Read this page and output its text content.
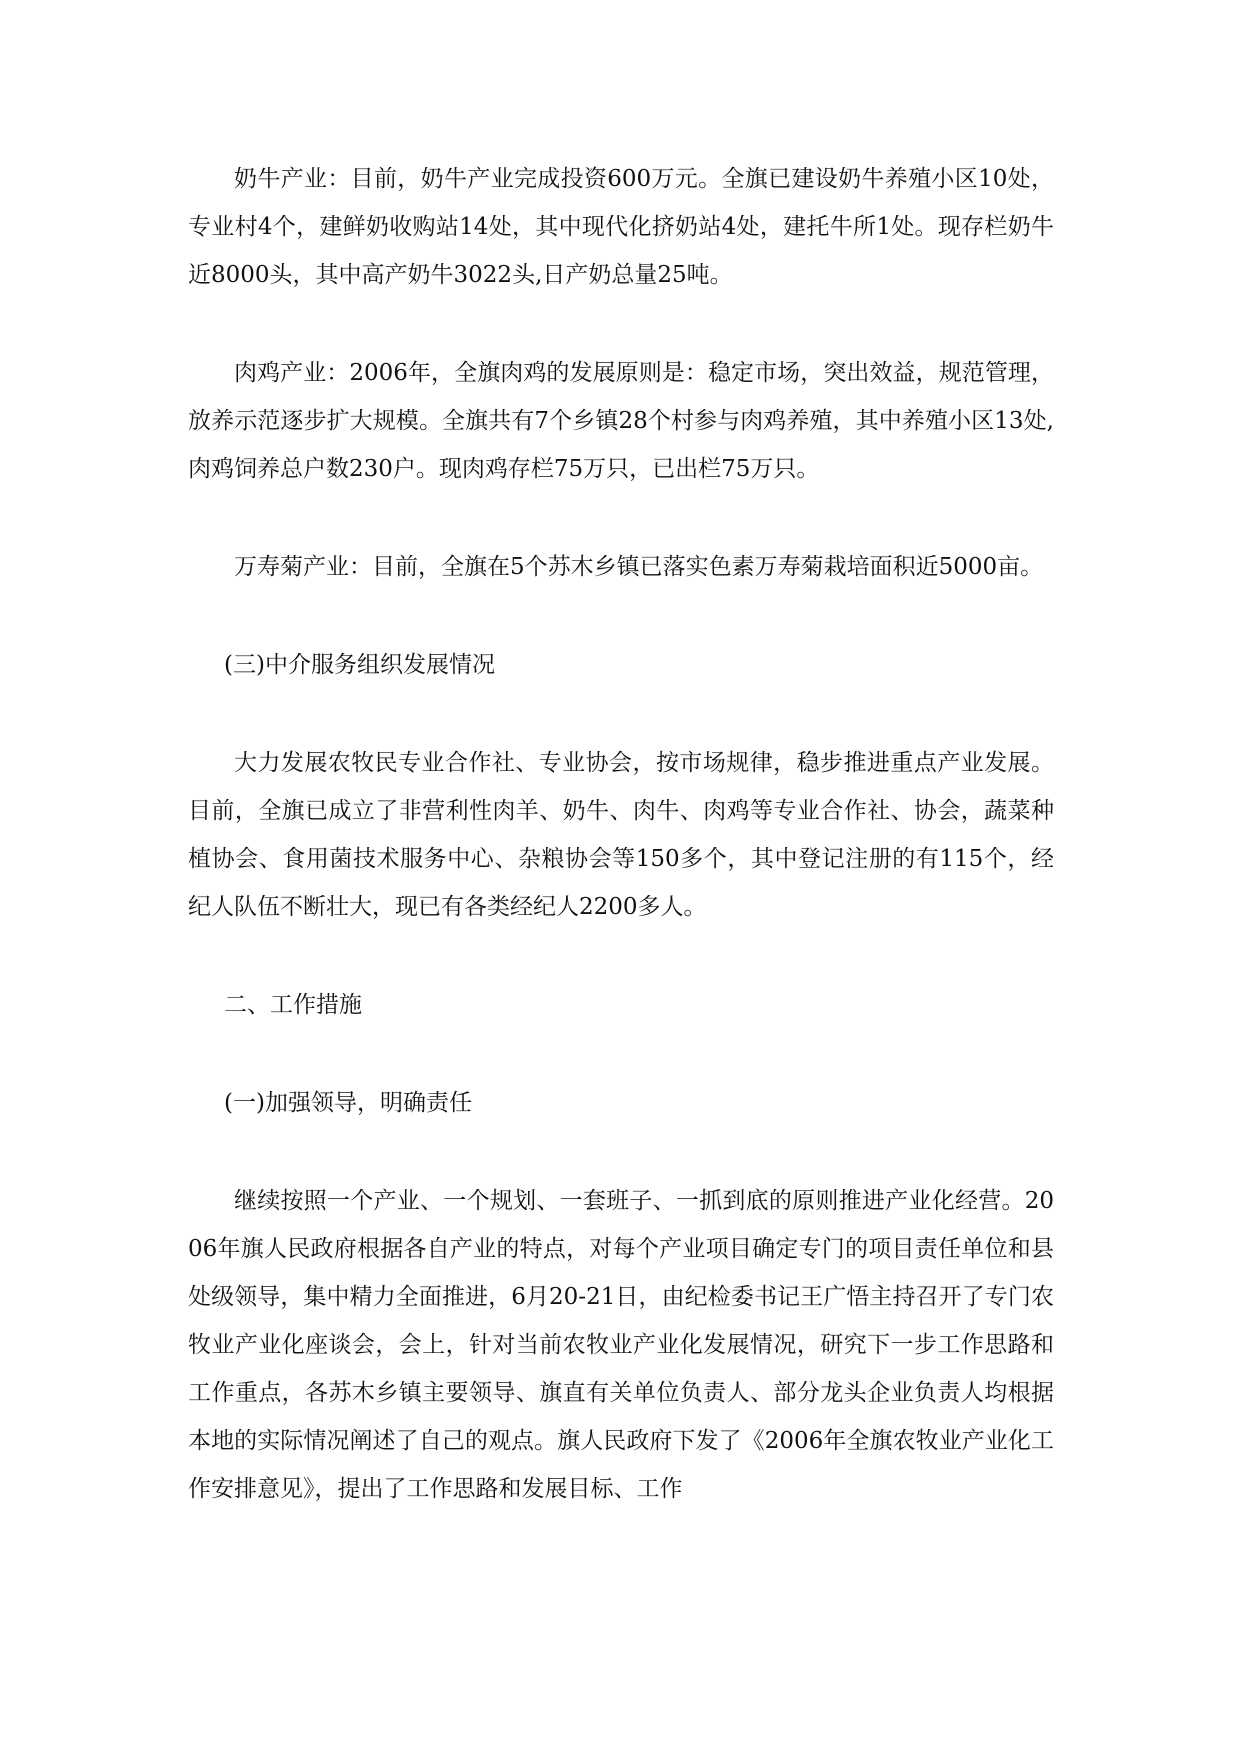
奶牛产业：目前，奶牛产业完成投资600万元。全旗已建设奶牛养殖小区10处，专业村4个，建鲜奶收购站14处，其中现代化挤奶站4处，建托牛所1处。现存栏奶牛近8000头，其中高产奶牛3022头,日产奶总量25吨。

肉鸡产业：2006年，全旗肉鸡的发展原则是：稳定市场，突出效益，规范管理，放养示范逐步扩大规模。全旗共有7个乡镇28个村参与肉鸡养殖，其中养殖小区13处,肉鸡饲养总户数230户。现肉鸡存栏75万只，已出栏75万只。

万寿菊产业：目前，全旗在5个苏木乡镇已落实色素万寿菊栽培面积近5000亩。

(三)中介服务组织发展情况

大力发展农牧民专业合作社、专业协会，按市场规律，稳步推进重点产业发展。目前，全旗已成立了非营利性肉羊、奶牛、肉牛、肉鸡等专业合作社、协会，蔬菜种植协会、食用菌技术服务中心、杂粮协会等150多个，其中登记注册的有115个，经纪人队伍不断壮大，现已有各类经纪人2200多人。

二、工作措施

(一)加强领导，明确责任

继续按照一个产业、一个规划、一套班子、一抓到底的原则推进产业化经营。2006年旗人民政府根据各自产业的特点，对每个产业项目确定专门的项目责任单位和县处级领导，集中精力全面推进，6月20-21日，由纪检委书记王广悟主持召开了专门农牧业产业化座谈会，会上，针对当前农牧业产业化发展情况，研究下一步工作思路和工作重点，各苏木乡镇主要领导、旗直有关单位负责人、部分龙头企业负责人均根据本地的实际情况阐述了自己的观点。旗人民政府下发了《2006年全旗农牧业产业化工作安排意见》，提出了工作思路和发展目标、工作
